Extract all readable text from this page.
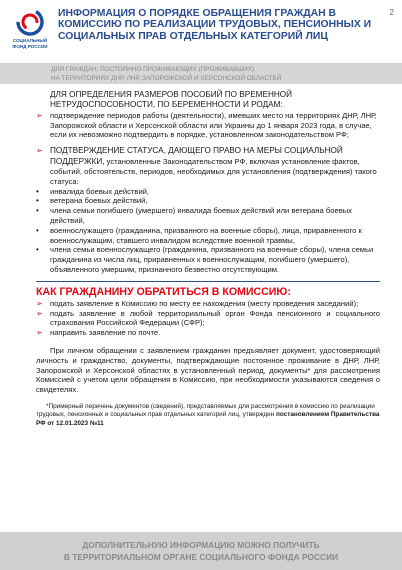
СОЦИАЛЬНЫЙ ФОНД РОССИИ
ИНФОРМАЦИЯ О ПОРЯДКЕ ОБРАЩЕНИЯ ГРАЖДАН В КОМИССИЮ ПО РЕАЛИЗАЦИИ ТРУДОВЫХ, ПЕНСИОННЫХ И СОЦИАЛЬНЫХ ПРАВ ОТДЕЛЬНЫХ КАТЕГОРИЙ ЛИЦ
2
ДЛЯ ГРАЖДАН, ПОСТОЯННО ПРОЖИВАЮЩИХ (ПРОЖИВАВШИХ)
НА ТЕРРИТОРИЯХ ДНР, ЛНР, ЗАПОРОЖСКОЙ И ХЕРСОНСКОЙ ОБЛАСТЕЙ
ДЛЯ ОПРЕДЕЛЕНИЯ РАЗМЕРОВ ПОСОБИЙ ПО ВРЕМЕННОЙ НЕТРУДОСПОСОБНОСТИ, ПО БЕРЕМЕННОСТИ И РОДАМ:
➢ подтверждение периодов работы (деятельности), имевших место на территориях ДНР, ЛНР, Запорожской области и Херсонской области или Украины до 1 января 2023 года, в случае, если их невозможно подтвердить в порядке, установленном законодательством РФ;
➢ ПОДТВЕРЖДЕНИЕ СТАТУСА, ДАЮЩЕГО ПРАВО НА МЕРЫ СОЦИАЛЬНОЙ ПОДДЕРЖКИ, установленные Законодательством РФ, включая установление фактов, событий, обстоятельств, периодов, необходимых для установления (подтверждения) такого статуса:
• инвалида боевых действий,
• ветерана боевых действий,
• члена семьи погибшего (умершего) инвалида боевых действий или ветерана боевых действий,
• военнослужащего (гражданина, призванного на военные сборы), лица, приравненного к военнослужащим, ставшего инвалидом вследствие военной травмы,
• члена семьи военнослужащего (гражданина, призванного на военные сборы), члена семьи гражданина из числа лиц, приравненных к военнослужащим, погибшего (умершего), объявленного умершим, признанного безвестно отсутствующим.
КАК ГРАЖДАНИНУ ОБРАТИТЬСЯ В КОМИССИЮ:
➢ подать заявление в Комиссию по месту ее нахождения (месту проведения заседаний);
➢ подать заявление в любой территориальный орган Фонда пенсионного и социального страхования Российской Федерации (СФР);
➢ направить заявление по почте.
При личном обращении с заявлением гражданин предъявляет документ, удостоверяющий личность и гражданство, документы, подтверждающие постоянное проживание в ДНР, ЛНР, Запорожской и Херсонской областях в установленный период, документы* для рассмотрения Комиссией с учетом цели обращения в Комиссию, при необходимости указываются сведения о свидетелях.
*Примерный перечень документов (сведений), представляемых для рассмотрения в комиссию по реализации трудовых, пенсионных и социальных прав отдельных категорий лиц, утвержден постановлением Правительства РФ от 12.01.2023 №11
ДОПОЛНИТЕЛЬНУЮ ИНФОРМАЦИЮ МОЖНО ПОЛУЧИТЬ
В ТЕРРИТОРИАЛЬНОМ ОРГАНЕ СОЦИАЛЬНОГО ФОНДА РОССИИ
